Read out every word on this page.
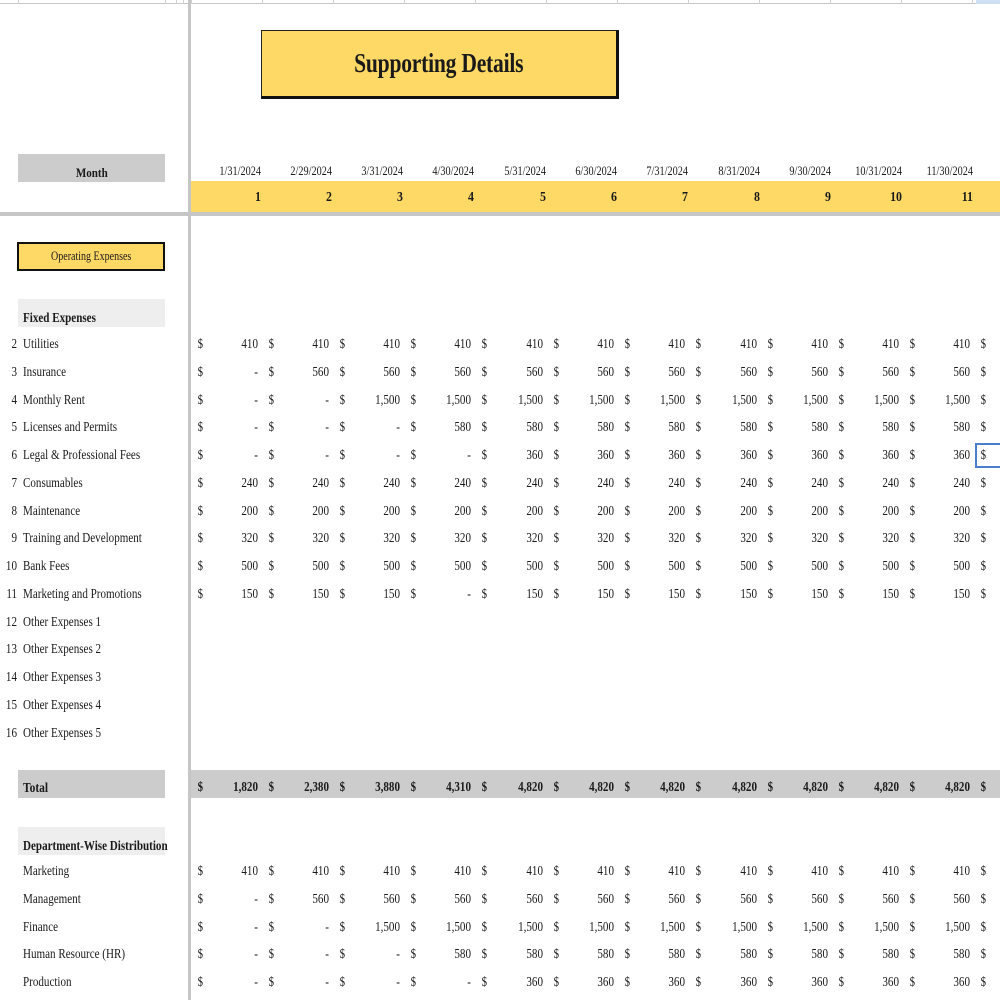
Supporting Details
Month	1/31/2024	2/29/2024	3/31/2024	4/30/2024	5/31/2024	6/30/2024	7/31/2024	8/31/2024	9/30/2024	10/31/2024	11/30/2024
1	2	3	4	5	6	7	8	9	10	11
Operating Expenses
Fixed Expenses
2 Utilities	$	410 $	410 $	410 $	410 $	410 $	410 $	410 $	410 $	410 $	410 $	410 $
3 Insurance	$	- $	560 $	560 $	560 $	560 $	560 $	560 $	560 $	560 $	560 $	560 $
4 Monthly Rent	$	- $	- $	1,500 $	1,500 $	1,500 $	1,500 $	1,500 $	1,500 $	1,500 $	1,500 $	1,500 $
5 Licenses and Permits	$	- $	- $	- $	580 $	580 $	580 $	580 $	580 $	580 $	580 $	580 $
6 Legal & Professional Fees	$	- $	- $	- $	- $	360 $	360 $	360 $	360 $	360 $	360 $	360 $
7 Consumables	$	240 $	240 $	240 $	240 $	240 $	240 $	240 $	240 $	240 $	240 $	240 $
8 Maintenance	$	200 $	200 $	200 $	200 $	200 $	200 $	200 $	200 $	200 $	200 $	200 $
9 Training and Development	$	320 $	320 $	320 $	320 $	320 $	320 $	320 $	320 $	320 $	320 $	320 $
10 Bank Fees	$	500 $	500 $	500 $	500 $	500 $	500 $	500 $	500 $	500 $	500 $	500 $
11 Marketing and Promotions	$	150 $	150 $	150 $	- $	150 $	150 $	150 $	150 $	150 $	150 $	150 $
12 Other Expenses 1
13 Other Expenses 2
14 Other Expenses 3
15 Other Expenses 4
16 Other Expenses 5
Total	$	1,820 $	2,380 $	3,880 $	4,310 $	4,820 $	4,820 $	4,820 $	4,820 $	4,820 $	4,820 $	4,820 $
Department-Wise Distribution
Marketing	$	410 $	410 $	410 $	410 $	410 $	410 $	410 $	410 $	410 $	410 $	410 $
Management	$	- $	560 $	560 $	560 $	560 $	560 $	560 $	560 $	560 $	560 $	560 $
Finance	$	- $	- $	1,500 $	1,500 $	1,500 $	1,500 $	1,500 $	1,500 $	1,500 $	1,500 $	1,500 $
Human Resource (HR)	$	- $	- $	- $	580 $	580 $	580 $	580 $	580 $	580 $	580 $	580 $
Production	$	- $	- $	- $	- $	360 $	360 $	360 $	360 $	360 $	360 $	360 $
